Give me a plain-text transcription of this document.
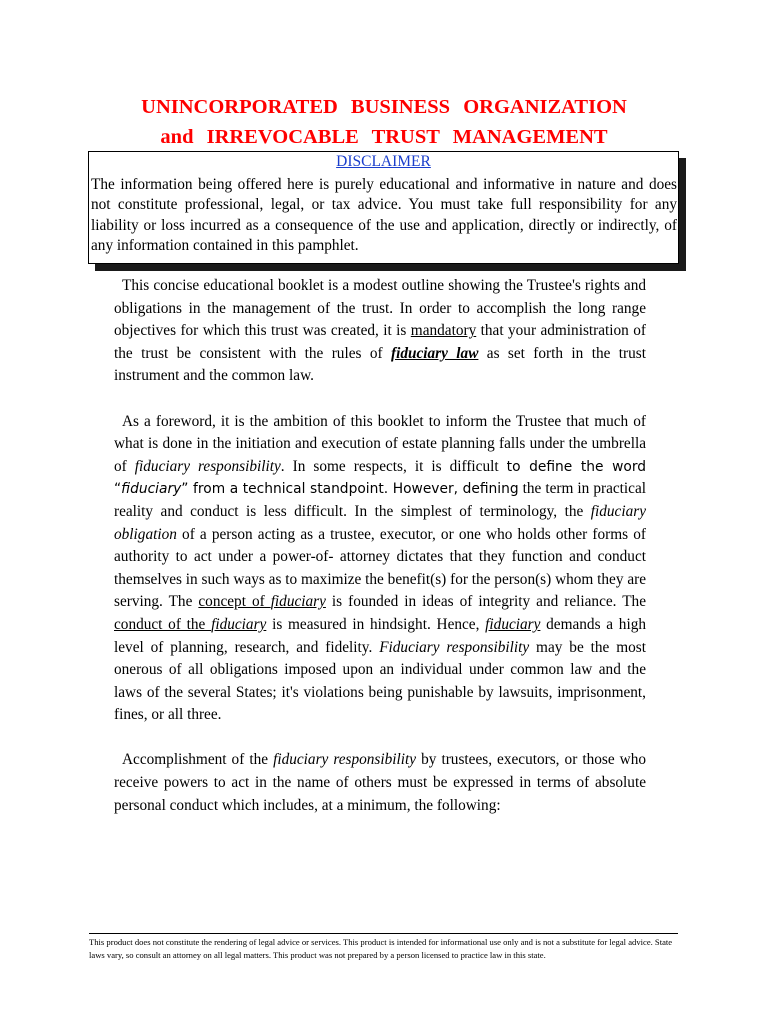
UNINCORPORATED BUSINESS ORGANIZATION
and IRREVOCABLE TRUST MANAGEMENT
DISCLAIMER
The information being offered here is purely educational and informative in nature and does not constitute professional, legal, or tax advice. You must take full responsibility for any liability or loss incurred as a consequence of the use and application, directly or indirectly, of any information contained in this pamphlet.

This concise educational booklet is a modest outline showing the Trustee's rights and obligations in the management of the trust. In order to accomplish the long range objectives for which this trust was created, it is mandatory that your administration of the trust be consistent with the rules of fiduciary law as set forth in the trust instrument and the common law.

As a foreword, it is the ambition of this booklet to inform the Trustee that much of what is done in the initiation and execution of estate planning falls under the umbrella of fiduciary responsibility. In some respects, it is difficult to define the word “fiduciary” from a technical standpoint. However, defining the term in practical reality and conduct is less difficult. In the simplest of terminology, the fiduciary obligation of a person acting as a trustee, executor, or one who holds other forms of authority to act under a power-of- attorney dictates that they function and conduct themselves in such ways as to maximize the benefit(s) for the person(s) whom they are serving. The concept of fiduciary is founded in ideas of integrity and reliance. The conduct of the fiduciary is measured in hindsight. Hence, fiduciary demands a high level of planning, research, and fidelity. Fiduciary responsibility may be the most onerous of all obligations imposed upon an individual under common law and the laws of the several States; it's violations being punishable by lawsuits, imprisonment, fines, or all three.

Accomplishment of the fiduciary responsibility by trustees, executors, or those who receive powers to act in the name of others must be expressed in terms of absolute personal conduct which includes, at a minimum, the following:

This product does not constitute the rendering of legal advice or services. This product is intended for informational use only and is not a substitute for legal advice. State laws vary, so consult an attorney on all legal matters. This product was not prepared by a person licensed to practice law in this state.
